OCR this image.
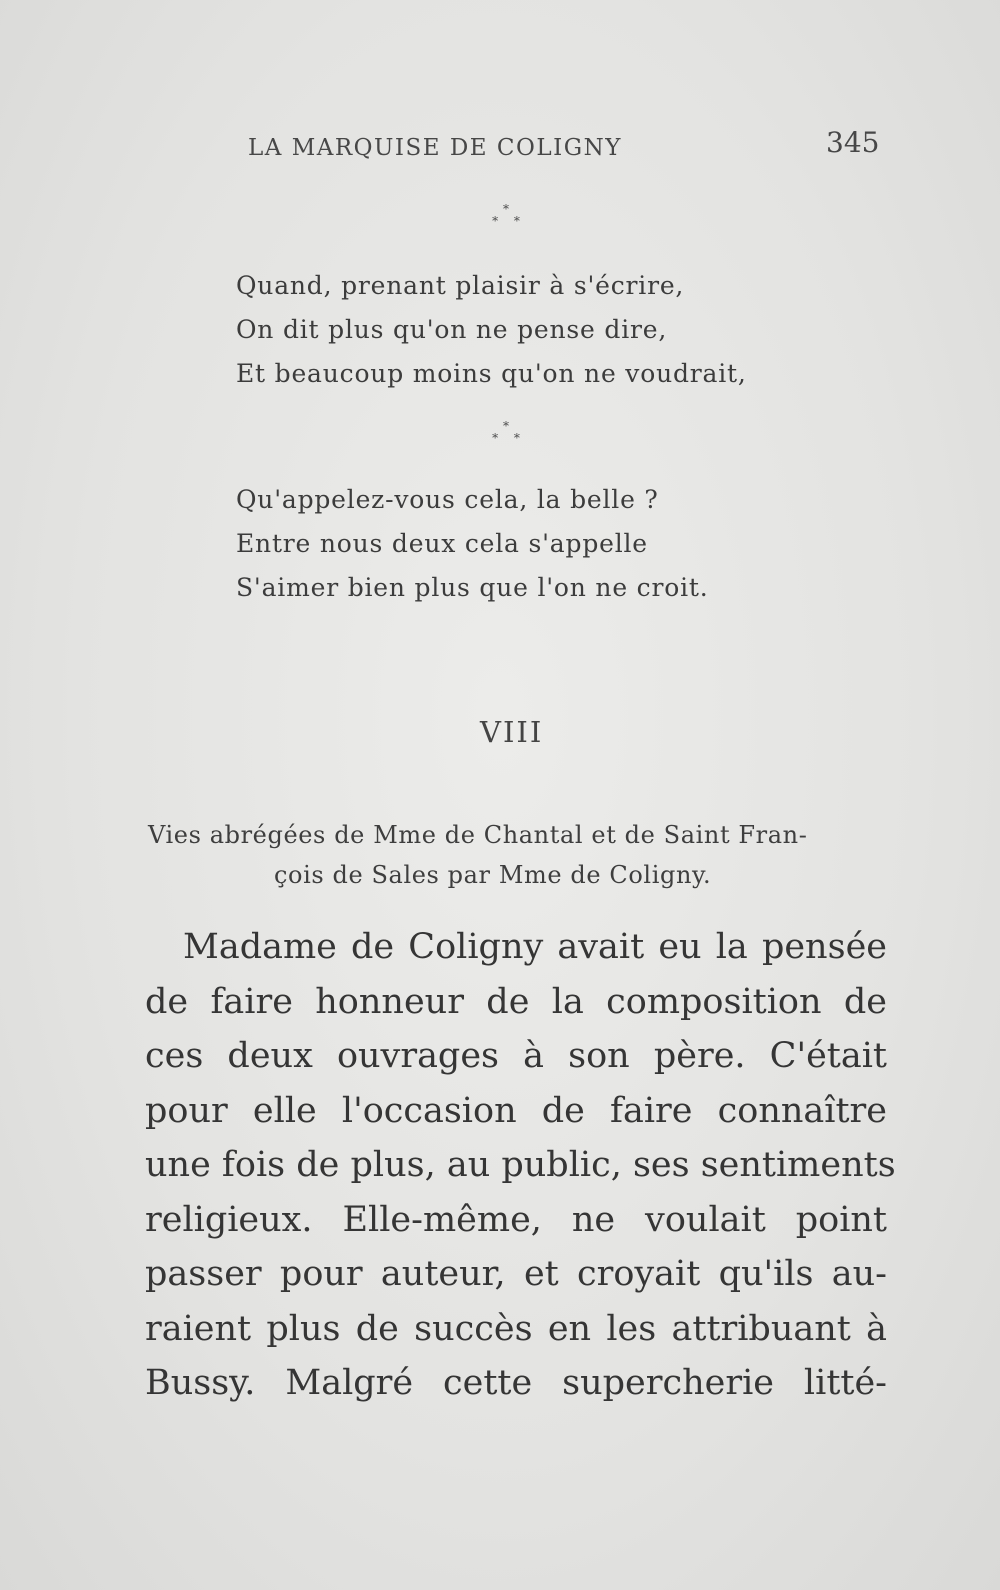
LA MARQUISE DE COLIGNY	345
*
* *
Quand, prenant plaisir à s'écrire,
On dit plus qu'on ne pense dire,
Et beaucoup moins qu'on ne voudrait,
*
* *
Qu'appelez-vous cela, la belle ?
Entre nous deux cela s'appelle
S'aimer bien plus que l'on ne croit.
VIII
Vies abrégées de Mme de Chantal et de Saint Fran-
çois de Sales par Mme de Coligny.
Madame de Coligny avait eu la pensée
de faire honneur de la composition de
ces deux ouvrages à son père. C'était
pour elle l'occasion de faire connaître
une fois de plus, au public, ses sentiments
religieux. Elle-même, ne voulait point
passer pour auteur, et croyait qu'ils au-
raient plus de succès en les attribuant à
Bussy. Malgré cette supercherie litté-
